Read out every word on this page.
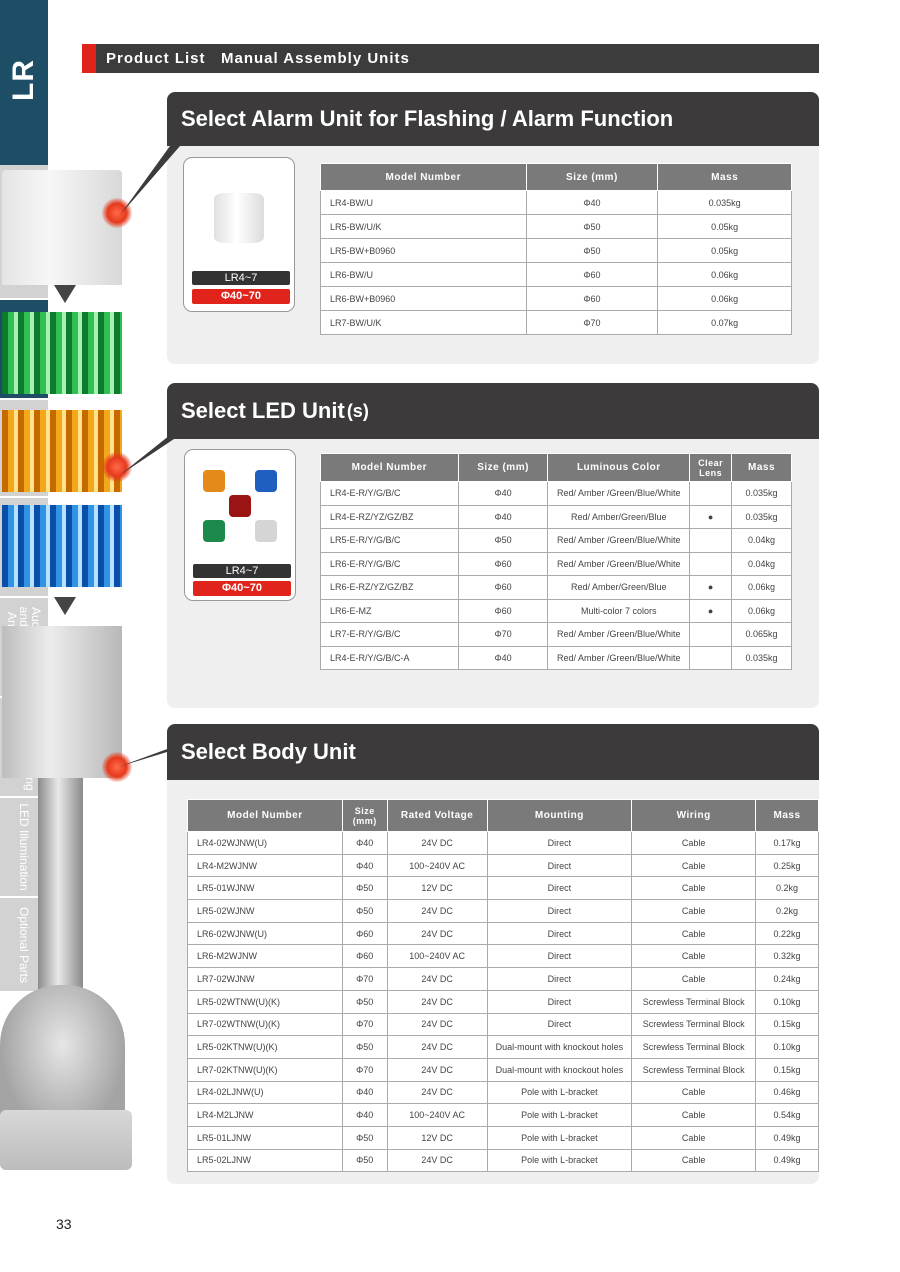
LR
LED Illumination
Optional Parts
Product List   Manual Assembly Units
Select Alarm Unit for Flashing / Alarm Function
LR4~7
Φ40~70
Model Number	Size (mm)	Mass
LR4-BW/U	Φ40	0.035kg
LR5-BW/U/K	Φ50	0.05kg
LR5-BW+B0960	Φ50	0.05kg
LR6-BW/U	Φ60	0.06kg
LR6-BW+B0960	Φ60	0.06kg
LR7-BW/U/K	Φ70	0.07kg
Select LED Unit (s)
LR4~7
Φ40~70
Model Number	Size (mm)	Luminous Color	Clear Lens	Mass
LR4-E-R/Y/G/B/C	Φ40	Red/ Amber /Green/Blue/White		0.035kg
LR4-E-RZ/YZ/GZ/BZ	Φ40	Red/ Amber/Green/Blue	●	0.035kg
LR5-E-R/Y/G/B/C	Φ50	Red/ Amber /Green/Blue/White		0.04kg
LR6-E-R/Y/G/B/C	Φ60	Red/ Amber /Green/Blue/White		0.04kg
LR6-E-RZ/YZ/GZ/BZ	Φ60	Red/ Amber/Green/Blue	●	0.06kg
LR6-E-MZ	Φ60	Multi-color 7 colors	●	0.06kg
LR7-E-R/Y/G/B/C	Φ70	Red/ Amber /Green/Blue/White		0.065kg
LR4-E-R/Y/G/B/C-A	Φ40	Red/ Amber /Green/Blue/White		0.035kg
Select Body Unit
Model Number	Size (mm)	Rated Voltage	Mounting	Wiring	Mass
LR4-02WJNW(U)	Φ40	24V DC	Direct	Cable	0.17kg
LR4-M2WJNW	Φ40	100~240V AC	Direct	Cable	0.25kg
LR5-01WJNW	Φ50	12V DC	Direct	Cable	0.2kg
LR5-02WJNW	Φ50	24V DC	Direct	Cable	0.2kg
LR6-02WJNW(U)	Φ60	24V DC	Direct	Cable	0.22kg
LR6-M2WJNW	Φ60	100~240V AC	Direct	Cable	0.32kg
LR7-02WJNW	Φ70	24V DC	Direct	Cable	0.24kg
LR5-02WTNW(U)(K)	Φ50	24V DC	Direct	Screwless Terminal Block	0.10kg
LR7-02WTNW(U)(K)	Φ70	24V DC	Direct	Screwless Terminal Block	0.15kg
LR5-02KTNW(U)(K)	Φ50	24V DC	Dual-mount with knockout holes	Screwless Terminal Block	0.10kg
LR7-02KTNW(U)(K)	Φ70	24V DC	Dual-mount with knockout holes	Screwless Terminal Block	0.15kg
LR4-02LJNW(U)	Φ40	24V DC	Pole with L-bracket	Cable	0.46kg
LR4-M2LJNW	Φ40	100~240V AC	Pole with L-bracket	Cable	0.54kg
LR5-01LJNW	Φ50	12V DC	Pole with L-bracket	Cable	0.49kg
LR5-02LJNW	Φ50	24V DC	Pole with L-bracket	Cable	0.49kg
33
